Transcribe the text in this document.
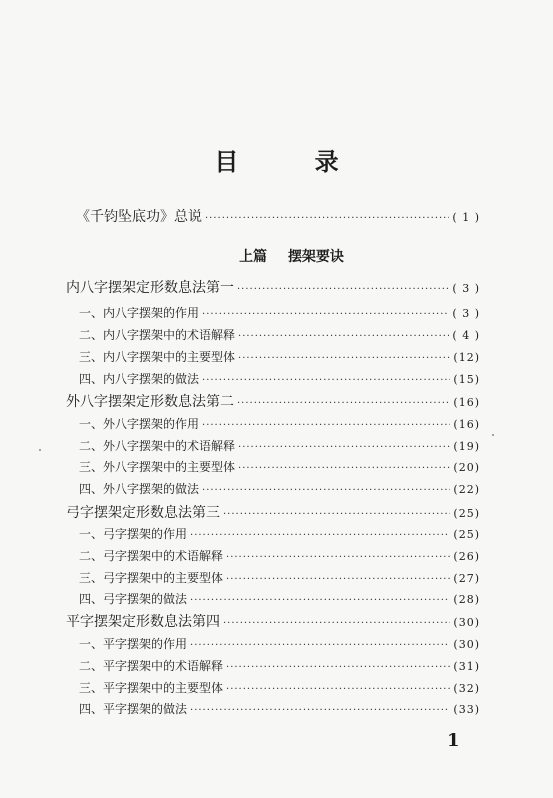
目 录
《千钧坠底功》总说 ·····	( 1 )
上篇 摆架要诀
内八字摆架定形数息法第一 ·····	( 3 )
一、内八字摆架的作用 ·····	( 3 )
二、内八字摆架中的术语解释 ·····	( 4 )
三、内八字摆架中的主要型体 ·····	(12)
四、内八字摆架的做法 ·····	(15)
外八字摆架定形数息法第二 ·····	(16)
一、外八字摆架的作用 ·····	(16)
二、外八字摆架中的术语解释 ·····	(19)
三、外八字摆架中的主要型体 ·····	(20)
四、外八字摆架的做法 ·····	(22)
弓字摆架定形数息法第三 ·····	(25)
一、弓字摆架的作用 ·····	(25)
二、弓字摆架中的术语解释 ·····	(26)
三、弓字摆架中的主要型体 ·····	(27)
四、弓字摆架的做法 ·····	(28)
平字摆架定形数息法第四 ·····	(30)
一、平字摆架的作用 ·····	(30)
二、平字摆架中的术语解释 ·····	(31)
三、平字摆架中的主要型体 ·····	(32)
四、平字摆架的做法 ·····	(33)
1
